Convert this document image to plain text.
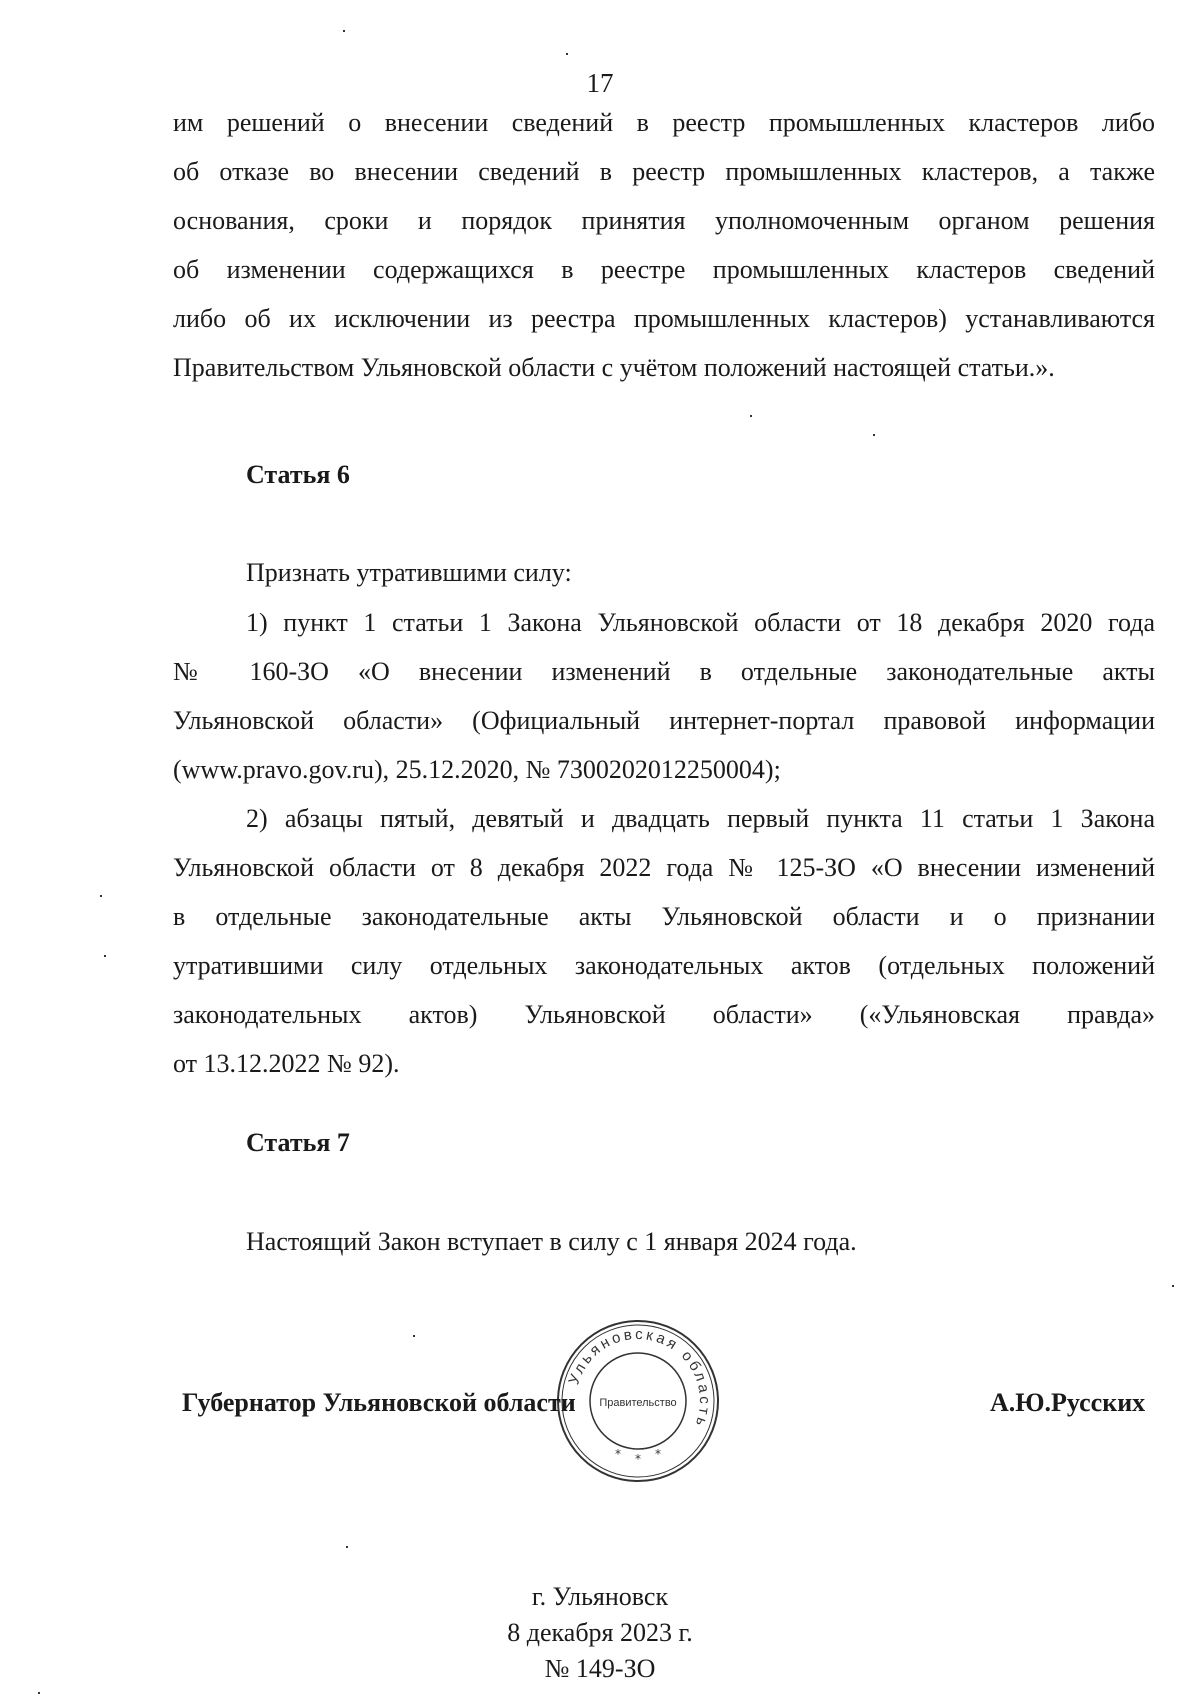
17
им решений о внесении сведений в реестр промышленных кластеров либо
об отказе во внесении сведений в реестр промышленных кластеров, а также
основания, сроки и порядок принятия уполномоченным органом решения
об изменении содержащихся в реестре промышленных кластеров сведений
либо об их исключении из реестра промышленных кластеров) устанавливаются
Правительством Ульяновской области с учётом положений настоящей статьи.».
Статья 6
Признать утратившими силу:
1) пункт 1 статьи 1 Закона Ульяновской области от 18 декабря 2020 года
№ 160-ЗО «О внесении изменений в отдельные законодательные акты
Ульяновской области» (Официальный интернет-портал правовой информации
(www.pravo.gov.ru), 25.12.2020, № 7300202012250004);
2) абзацы пятый, девятый и двадцать первый пункта 11 статьи 1 Закона
Ульяновской области от 8 декабря 2022 года № 125-ЗО «О внесении изменений
в отдельные законодательные акты Ульяновской области и о признании
утратившими силу отдельных законодательных актов (отдельных положений
законодательных актов) Ульяновской области» («Ульяновская правда»
от 13.12.2022 № 92).
Статья 7
Настоящий Закон вступает в силу с 1 января 2024 года.
Ульяновская область
Правительство
* * *
Губернатор Ульяновской области	А.Ю.Русских
г. Ульяновск
8 декабря 2023 г.
№ 149-ЗО
